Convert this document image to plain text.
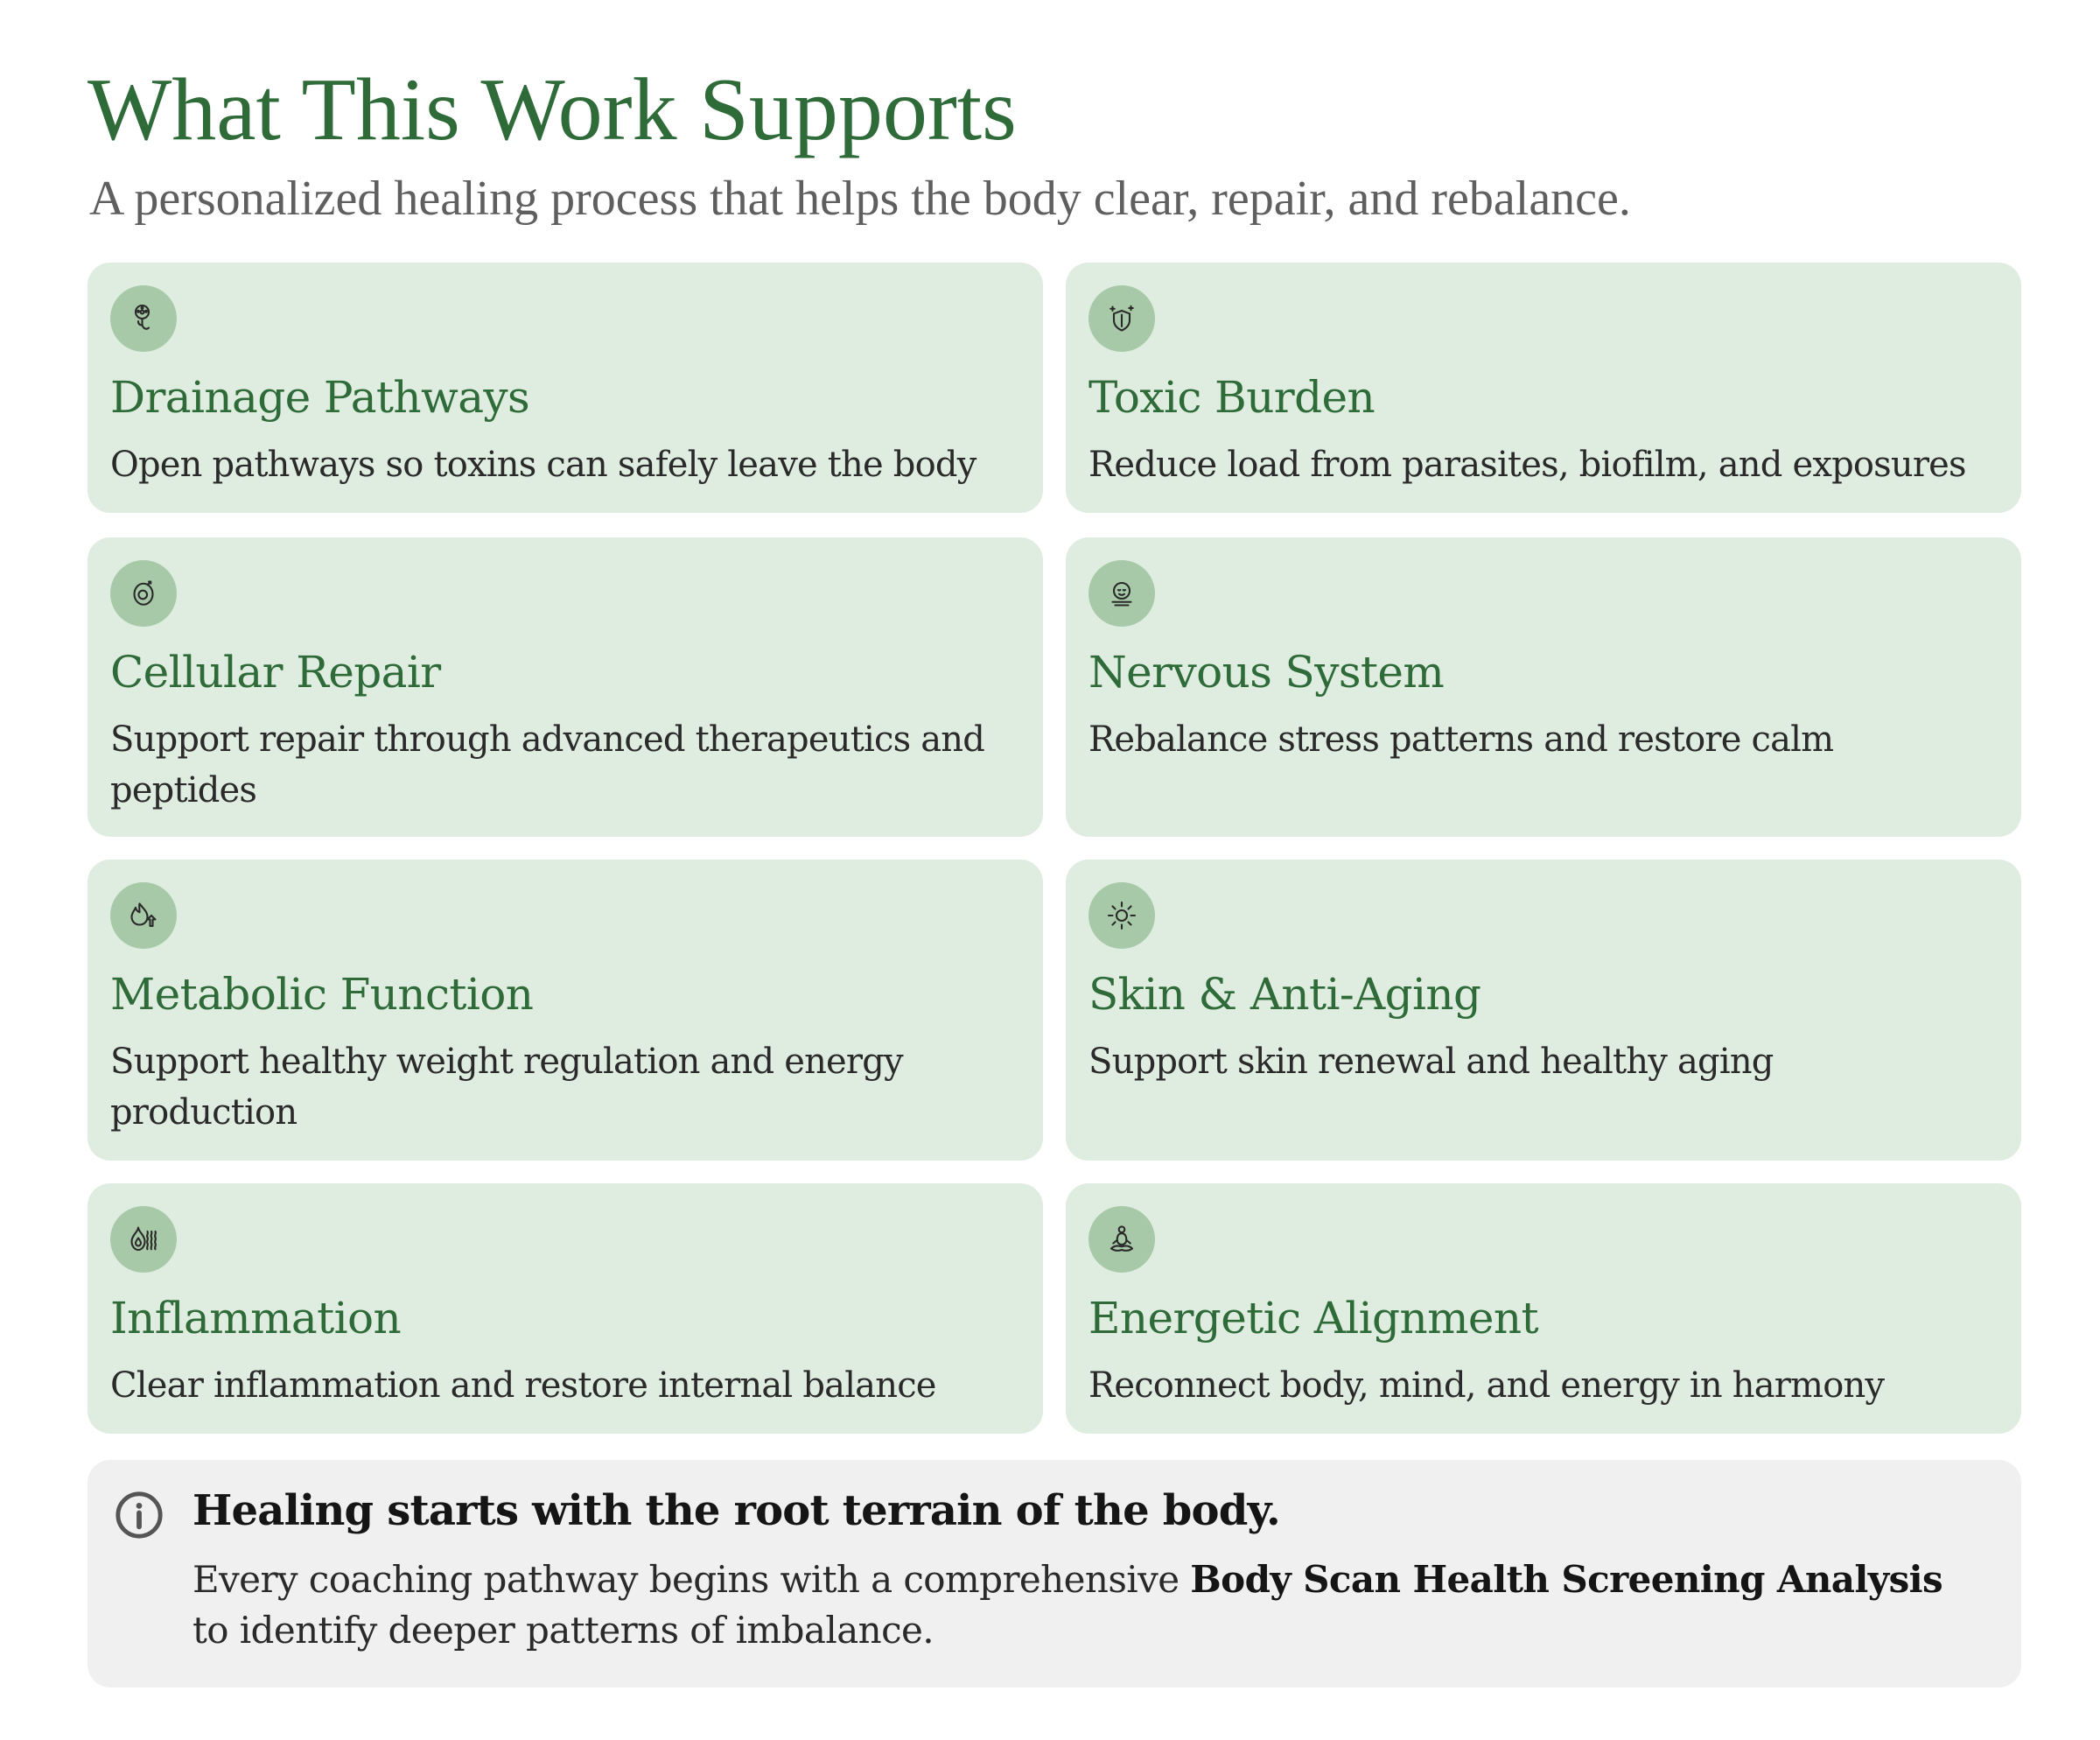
What This Work Supports

A personalized healing process that helps the body clear, repair, and rebalance.

Drainage Pathways

Open pathways so toxins can safely leave the body

Toxic Burden

Reduce load from parasites, biofilm, and exposures

Cellular Repair

Support repair through advanced therapeutics and peptides

Nervous System

Rebalance stress patterns and restore calm

Metabolic Function

Support healthy weight regulation and energy production

Skin & Anti-Aging

Support skin renewal and healthy aging

Inflammation

Clear inflammation and restore internal balance

Energetic Alignment

Reconnect body, mind, and energy in harmony

Healing starts with the root terrain of the body.

Every coaching pathway begins with a comprehensive Body Scan Health Screening Analysis to identify deeper patterns of imbalance.
